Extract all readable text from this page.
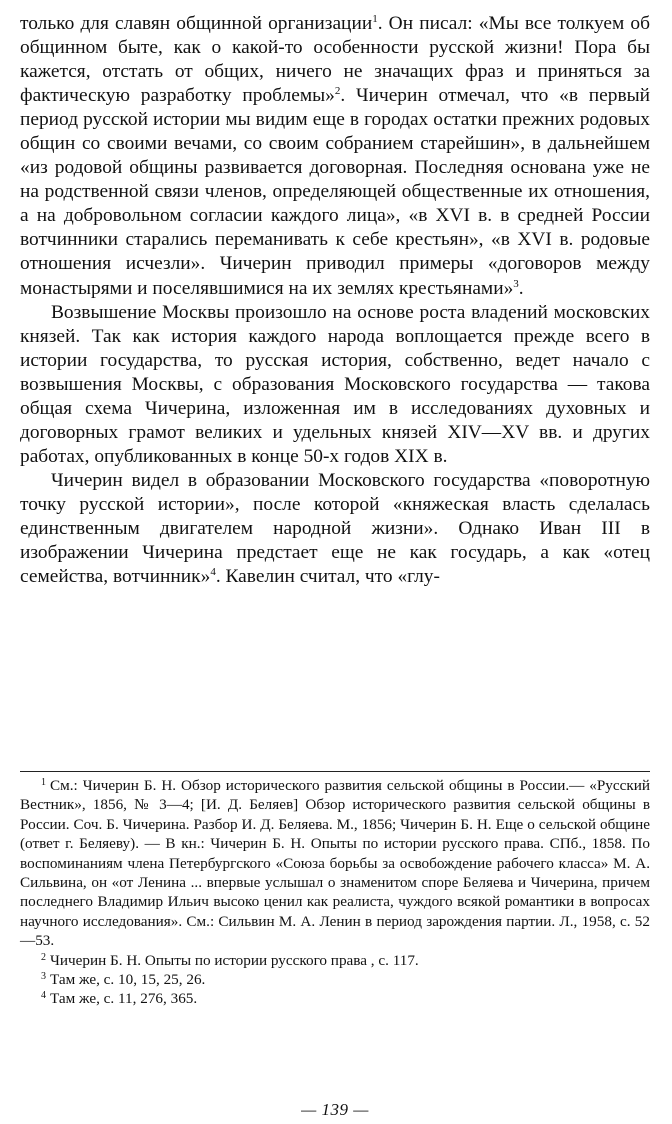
только для славян общинной организации$^1$. Он писал: «Мы все толкуем об общинном быте, как о какой-то особенности русской жизни! Пора бы кажется, отстать от общих, ничего не значащих фраз и приняться за фактическую разработку проблемы»$^2$. Чичерин отмечал, что «в первый период русской истории мы видим еще в городах остатки прежних родовых общин со своими вечами, со своим собранием старейшин», в дальнейшем «из родовой общины развивается договорная. Последняя основана уже не на родственной связи членов, определяющей общественные их отношения, а на добровольном согласии каждого лица», «в XVI в. в средней России вотчинники старались переманивать к себе крестьян», «в XVI в. родовые отношения исчезли». Чичерин приводил примеры «договоров между монастырями и поселявшимися на их землях крестьянами»$^3$.

Возвышение Москвы произошло на основе роста владений московских князей. Так как история каждого народа воплощается прежде всего в истории государства, то русская история, собственно, ведет начало с возвышения Москвы, с образования Московского государства — такова общая схема Чичерина, изложенная им в исследованиях духовных и договорных грамот великих и удельных князей XIV—XV вв. и других работах, опубликованных в конце 50-х годов XIX в.

Чичерин видел в образовании Московского государства «поворотную точку русской истории», после которой «княжеская власть сделалась единственным двигателем народной жизни». Однако Иван III в изображении Чичерина предстает еще не как государь, а как «отец семейства, вотчинник»$^4$. Кавелин считал, что «глу-

$^1$ См.: Чичерин Б. Н. Обзор исторического развития сельской общины в России.— «Русский Вестник», 1856, № 3—4; [И. Д. Беляев] Обзор исторического развития сельской общины в России. Соч. Б. Чичерина. Разбор И. Д. Беляева. М., 1856; Чичерин Б. Н. Еще о сельской общине (ответ г. Беляеву). — В кн.: Чичерин Б. Н. Опыты по истории русского права. СПб., 1858. По воспоминаниям члена Петербургского «Союза борьбы за освобождение рабочего класса» М. А. Сильвина, он «от Ленина ... впервые услышал о знаменитом споре Беляева и Чичерина, причем последнего Владимир Ильич высоко ценил как реалиста, чуждого всякой романтики в вопросах научного исследования». См.: Сильвин М. А. Ленин в период зарождения партии. Л., 1958, с. 52—53.

$^2$ Чичерин Б. Н. Опыты по истории русского права , с. 117.

$^3$ Там же, с. 10, 15, 25, 26.

$^4$ Там же, с. 11, 276, 365.

— 139 —
